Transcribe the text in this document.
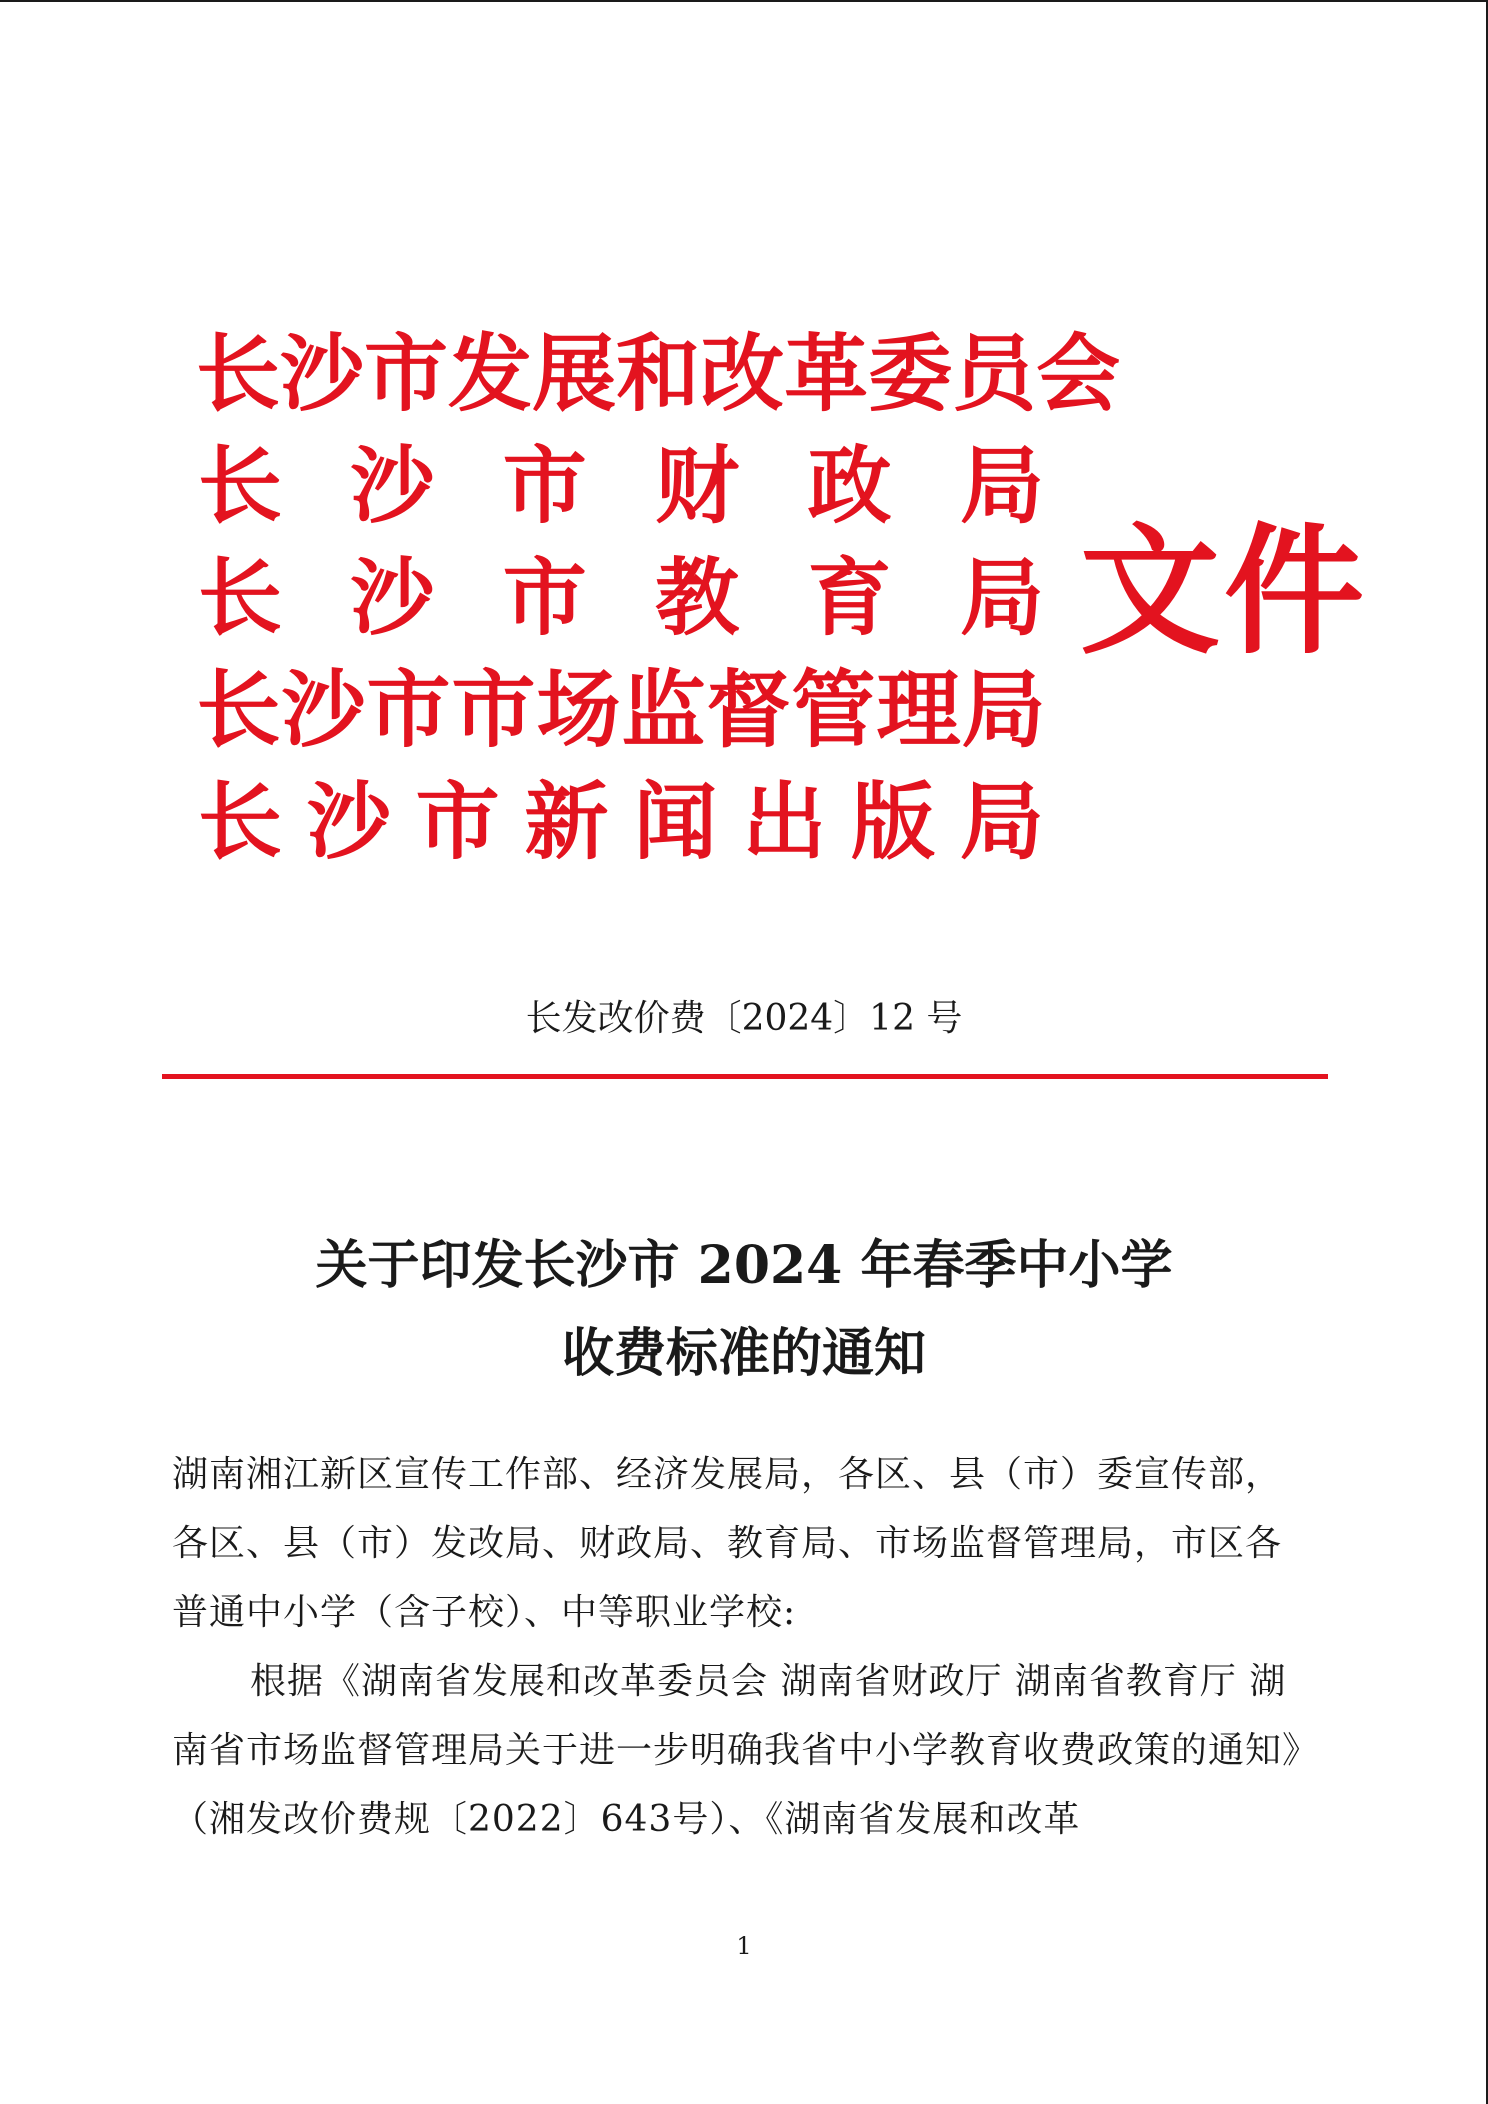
长 沙 市 发 展 和 改 革 委 员 会
长 沙 市 财 政 局
长 沙 市 教 育 局
长 沙 市 市 场 监 督 管 理 局
长 沙 市 新 闻 出 版 局
文件
长发改价费〔2024〕12 号
关于印发长沙市 2024 年春季中小学
收费标准的通知

湖南湘江新区宣传工作部、经济发展局，各区、县（市）委宣传部，各区、县（市）发改局、财政局、教育局、市场监督管理局，市区各普通中小学（含子校）、中等职业学校:

根据《湖南省发展和改革委员会 湖南省财政厅 湖南省教育厅 湖南省市场监督管理局关于进一步明确我省中小学教育收费政策的通知》（湘发改价费规〔2022〕643号）、《湖南省发展和改革

1
